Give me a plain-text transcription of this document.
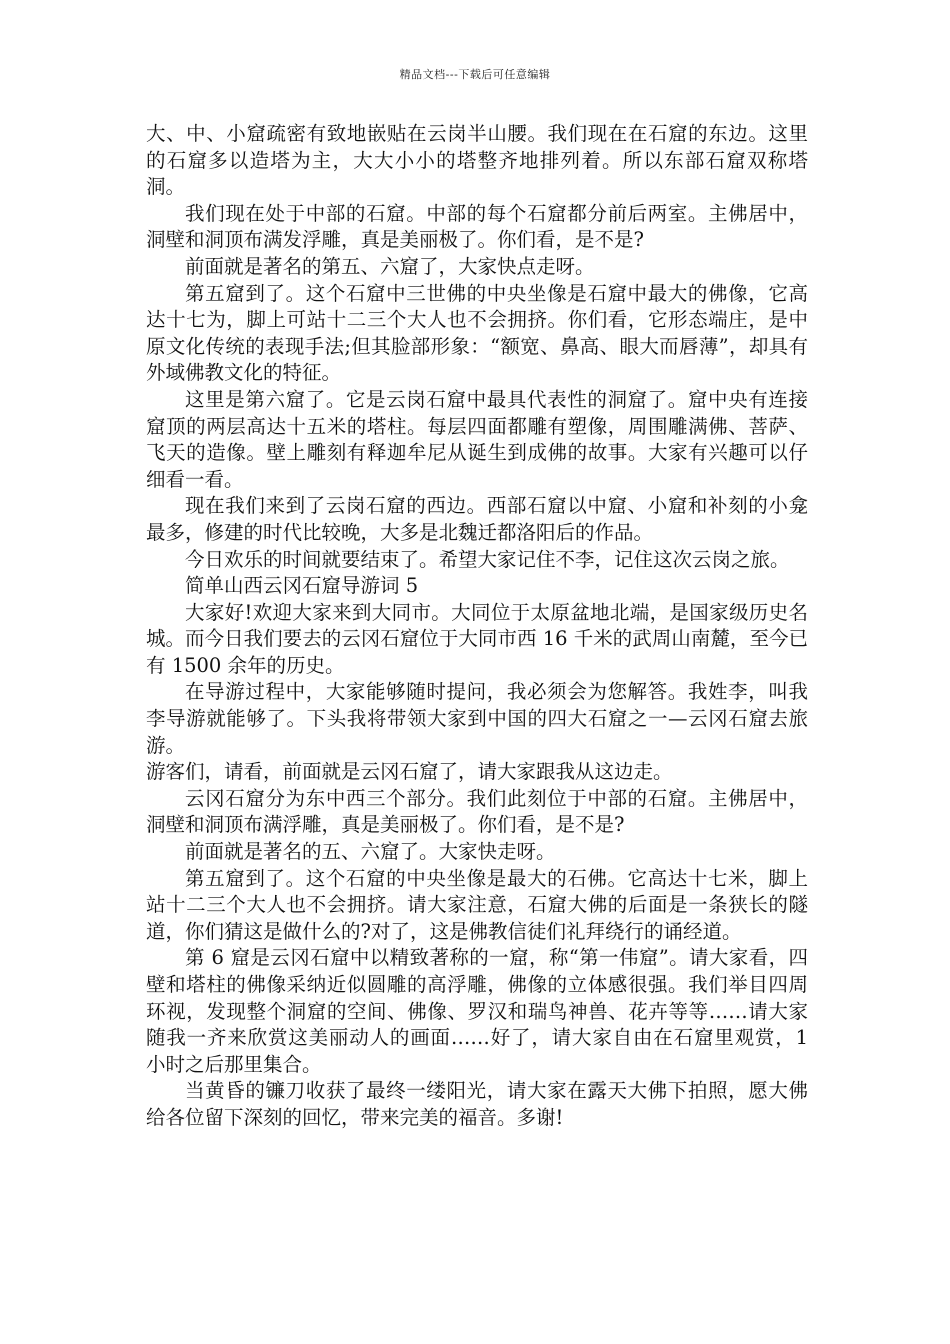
精品文档---下载后可任意编辑

大、中、小窟疏密有致地嵌贴在云岗半山腰。我们现在在石窟的东边。这里的石窟多以造塔为主，大大小小的塔整齐地排列着。所以东部石窟双称塔洞。

我们现在处于中部的石窟。中部的每个石窟都分前后两室。主佛居中，洞壁和洞顶布满发浮雕，真是美丽极了。你们看，是不是?

前面就是著名的第五、六窟了，大家快点走呀。

第五窟到了。这个石窟中三世佛的中央坐像是石窟中最大的佛像，它高达十七为，脚上可站十二三个大人也不会拥挤。你们看，它形态端庄，是中原文化传统的表现手法;但其脸部形象：“额宽、鼻高、眼大而唇薄”，却具有外域佛教文化的特征。

这里是第六窟了。它是云岗石窟中最具代表性的洞窟了。窟中央有连接窟顶的两层高达十五米的塔柱。每层四面都雕有塑像，周围雕满佛、菩萨、飞天的造像。壁上雕刻有释迦牟尼从诞生到成佛的故事。大家有兴趣可以仔细看一看。

现在我们来到了云岗石窟的西边。西部石窟以中窟、小窟和补刻的小龛最多，修建的时代比较晚，大多是北魏迁都洛阳后的作品。

今日欢乐的时间就要结束了。希望大家记住不李，记住这次云岗之旅。

简单山西云冈石窟导游词 5

大家好!欢迎大家来到大同市。大同位于太原盆地北端，是国家级历史名城。而今日我们要去的云冈石窟位于大同市西 16 千米的武周山南麓，至今已有 1500 余年的历史。

在导游过程中，大家能够随时提问，我必须会为您解答。我姓李，叫我李导游就能够了。下头我将带领大家到中国的四大石窟之一—云冈石窟去旅游。

游客们，请看，前面就是云冈石窟了，请大家跟我从这边走。

云冈石窟分为东中西三个部分。我们此刻位于中部的石窟。主佛居中，洞壁和洞顶布满浮雕，真是美丽极了。你们看，是不是?

前面就是著名的五、六窟了。大家快走呀。

第五窟到了。这个石窟的中央坐像是最大的石佛。它高达十七米，脚上站十二三个大人也不会拥挤。请大家注意，石窟大佛的后面是一条狭长的隧道，你们猜这是做什么的?对了，这是佛教信徒们礼拜绕行的诵经道。

第 6 窟是云冈石窟中以精致著称的一窟，称“第一伟窟”。请大家看，四壁和塔柱的佛像采纳近似圆雕的高浮雕，佛像的立体感很强。我们举目四周环视，发现整个洞窟的空间、佛像、罗汉和瑞鸟神兽、花卉等等……请大家随我一齐来欣赏这美丽动人的画面……好了，请大家自由在石窟里观赏，1 小时之后那里集合。

当黄昏的镰刀收获了最终一缕阳光，请大家在露天大佛下拍照，愿大佛给各位留下深刻的回忆，带来完美的福音。多谢!
